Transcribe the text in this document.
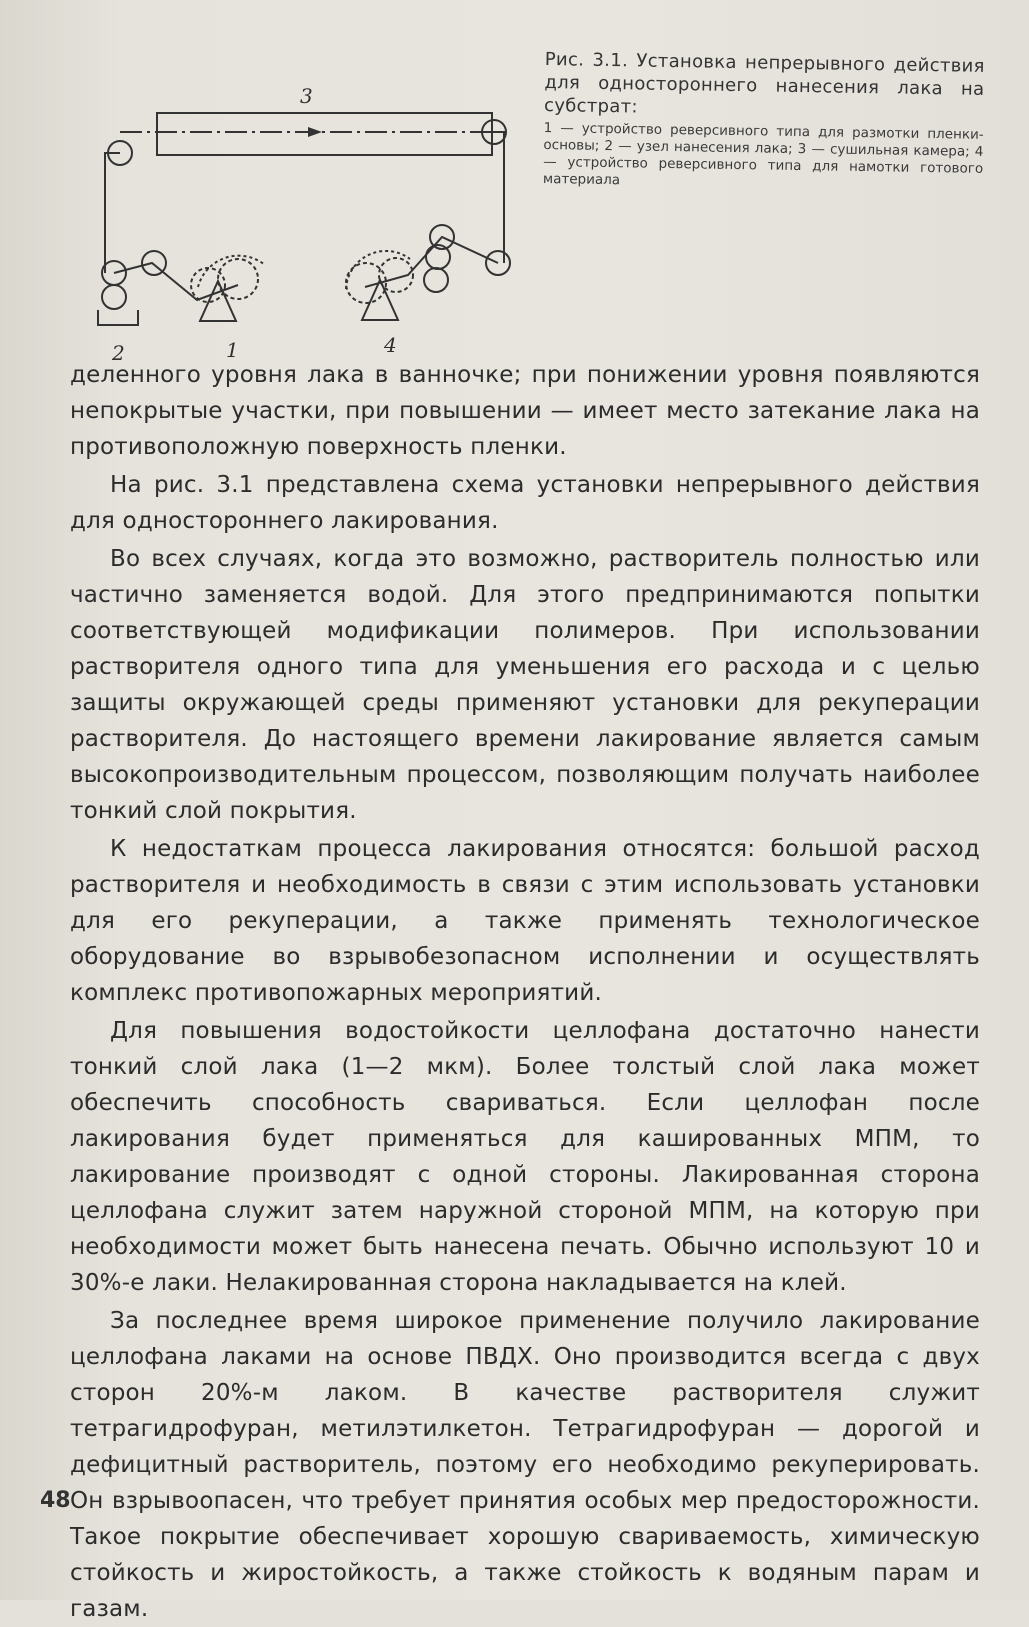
3
2	1	4
Рис. 3.1. Установка непрерывного действия для одностороннего нанесения лака на субстрат:
1 — устройство реверсивного типа для размотки пленки-основы; 2 — узел нанесения лака; 3 — сушильная камера; 4 — устройство реверсивного типа для намотки готового материала

деленного уровня лака в ванночке; при понижении уровня появляются непокрытые участки, при повышении — имеет место затекание лака на противоположную поверхность пленки.

На рис. 3.1 представлена схема установки непрерывного действия для одностороннего лакирования.

Во всех случаях, когда это возможно, растворитель полностью или частично заменяется водой. Для этого предпринимаются попытки соответствующей модификации полимеров. При использовании растворителя одного типа для уменьшения его расхода и с целью защиты окружающей среды применяют установки для рекуперации растворителя. До настоящего времени лакирование является самым высокопроизводительным процессом, позволяющим получать наиболее тонкий слой покрытия.

К недостаткам процесса лакирования относятся: большой расход растворителя и необходимость в связи с этим использовать установки для его рекуперации, а также применять технологическое оборудование во взрывобезопасном исполнении и осуществлять комплекс противопожарных мероприятий.

Для повышения водостойкости целлофана достаточно нанести тонкий слой лака (1—2 мкм). Более толстый слой лака может обеспечить способность свариваться. Если целлофан после лакирования будет применяться для кашированных МПМ, то лакирование производят с одной стороны. Лакированная сторона целлофана служит затем наружной стороной МПМ, на которую при необходимости может быть нанесена печать. Обычно используют 10 и 30%-е лаки. Нелакированная сторона накладывается на клей.

За последнее время широкое применение получило лакирование целлофана лаками на основе ПВДХ. Оно производится всегда с двух сторон 20%-м лаком. В качестве растворителя служит тетрагидрофуран, метилэтилкетон. Тетрагидрофуран — дорогой и дефицитный растворитель, поэтому его необходимо рекуперировать. Он взрывоопасен, что требует принятия особых мер предосторожности. Такое покрытие обеспечивает хорошую свариваемость, химическую стойкость и жиростойкость, а также стойкость к водяным парам и газам.

48
